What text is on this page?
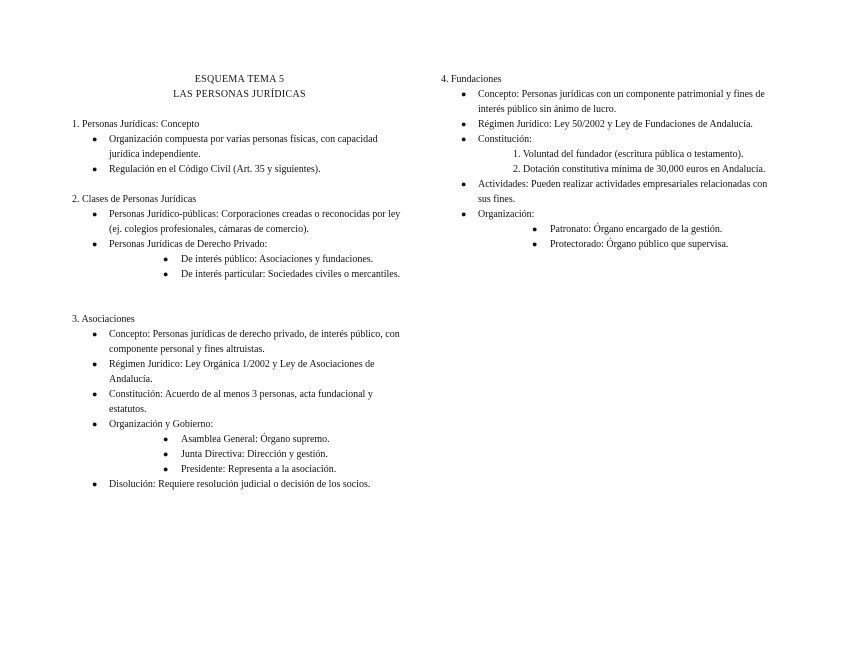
ESQUEMA TEMA 5
LAS PERSONAS JURÍDICAS
1. Personas Jurídicas: Concepto
● Organización compuesta por varias personas físicas, con capacidad jurídica independiente.
● Regulación en el Código Civil (Art. 35 y siguientes).
2. Clases de Personas Jurídicas
● Personas Jurídico-públicas: Corporaciones creadas o reconocidas por ley (ej. colegios profesionales, cámaras de comercio).
● Personas Jurídicas de Derecho Privado:
● De interés público: Asociaciones y fundaciones.
● De interés particular: Sociedades civiles o mercantiles.
3. Asociaciones
● Concepto: Personas jurídicas de derecho privado, de interés público, con componente personal y fines altruistas.
● Régimen Jurídico: Ley Orgánica 1/2002 y Ley de Asociaciones de Andalucía.
● Constitución: Acuerdo de al menos 3 personas, acta fundacional y estatutos.
● Organización y Gobierno:
● Asamblea General: Órgano supremo.
● Junta Directiva: Dirección y gestión.
● Presidente: Representa a la asociación.
● Disolución: Requiere resolución judicial o decisión de los socios.
4. Fundaciones
● Concepto: Personas jurídicas con un componente patrimonial y fines de interés público sin ánimo de lucro.
● Régimen Jurídico: Ley 50/2002 y Ley de Fundaciones de Andalucía.
● Constitución:
1. Voluntad del fundador (escritura pública o testamento).
2. Dotación constitutiva mínima de 30,000 euros en Andalucía.
● Actividades: Pueden realizar actividades empresariales relacionadas con sus fines.
● Organización:
● Patronato: Órgano encargado de la gestión.
● Protectorado: Órgano público que supervisa.
